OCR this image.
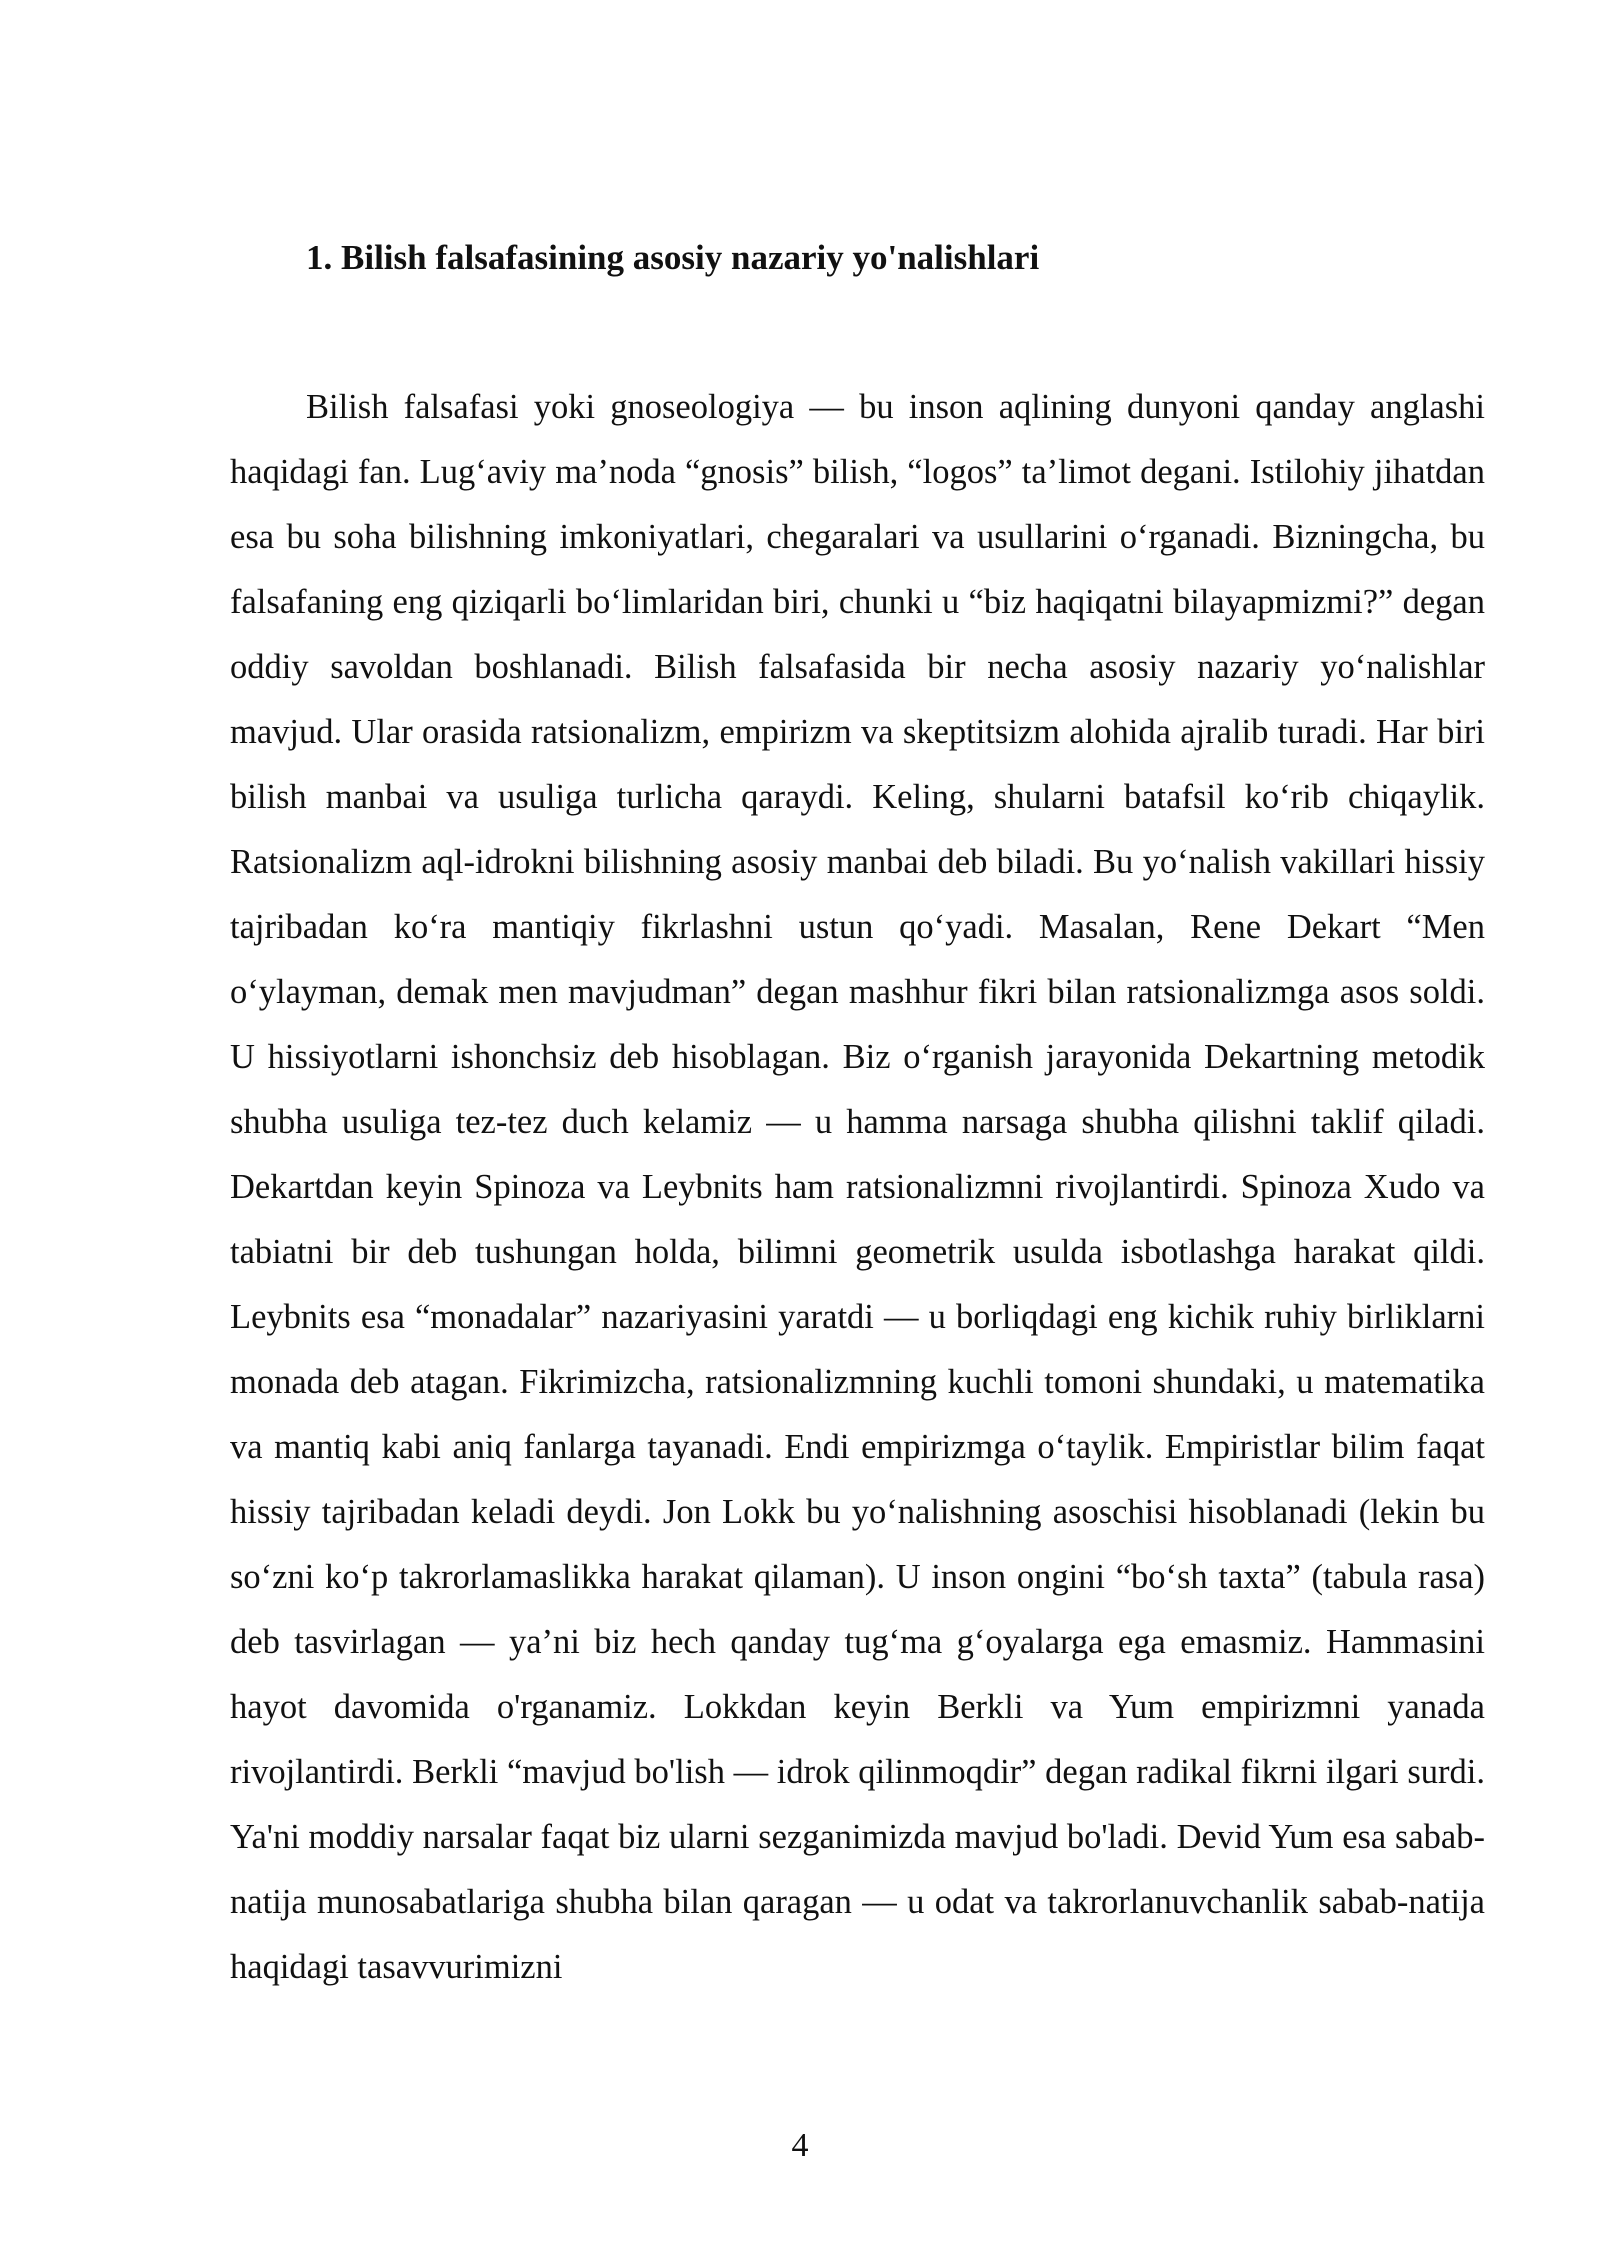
1. Bilish falsafasining asosiy nazariy yo'nalishlari

Bilish falsafasi yoki gnoseologiya — bu inson aqlining dunyoni qanday anglashi haqidagi fan. Lug‘aviy ma’noda “gnosis” bilish, “logos” ta’limot degani. Istilohiy jihatdan esa bu soha bilishning imkoniyatlari, chegaralari va usullarini o‘rganadi. Bizningcha, bu falsafaning eng qiziqarli bo‘limlaridan biri, chunki u “biz haqiqatni bilayapmizmi?” degan oddiy savoldan boshlanadi. Bilish falsafasida bir necha asosiy nazariy yo‘nalishlar mavjud. Ular orasida ratsionalizm, empirizm va skeptitsizm alohida ajralib turadi. Har biri bilish manbai va usuliga turlicha qaraydi. Keling, shularni batafsil ko‘rib chiqaylik. Ratsionalizm aql-idrokni bilishning asosiy manbai deb biladi. Bu yo‘nalish vakillari hissiy tajribadan ko‘ra mantiqiy fikrlashni ustun qo‘yadi. Masalan, Rene Dekart “Men o‘ylayman, demak men mavjudman” degan mashhur fikri bilan ratsionalizmga asos soldi. U hissiyotlarni ishonchsiz deb hisoblagan. Biz o‘rganish jarayonida Dekartning metodik shubha usuliga tez-tez duch kelamiz — u hamma narsaga shubha qilishni taklif qiladi. Dekartdan keyin Spinoza va Leybnits ham ratsionalizmni rivojlantirdi. Spinoza Xudo va tabiatni bir deb tushungan holda, bilimni geometrik usulda isbotlashga harakat qildi. Leybnits esa “monadalar” nazariyasini yaratdi — u borliqdagi eng kichik ruhiy birliklarni monada deb atagan. Fikrimizcha, ratsionalizmning kuchli tomoni shundaki, u matematika va mantiq kabi aniq fanlarga tayanadi. Endi empirizmga o‘taylik. Empiristlar bilim faqat hissiy tajribadan keladi deydi. Jon Lokk bu yo‘nalishning asoschisi hisoblanadi (lekin bu so‘zni ko‘p takrorlamaslikka harakat qilaman). U inson ongini “bo‘sh taxta” (tabula rasa) deb tasvirlagan — ya’ni biz hech qanday tug‘ma g‘oyalarga ega emasmiz. Hammasini hayot davomida o'rganamiz. Lokkdan keyin Berkli va Yum empirizmni yanada rivojlantirdi. Berkli “mavjud bo'lish — idrok qilinmoqdir” degan radikal fikrni ilgari surdi. Ya'ni moddiy narsalar faqat biz ularni sezganimizda mavjud bo'ladi. Devid Yum esa sabab-natija munosabatlariga shubha bilan qaragan — u odat va takrorlanuvchanlik sabab-natija haqidagi tasavvurimizni

4
